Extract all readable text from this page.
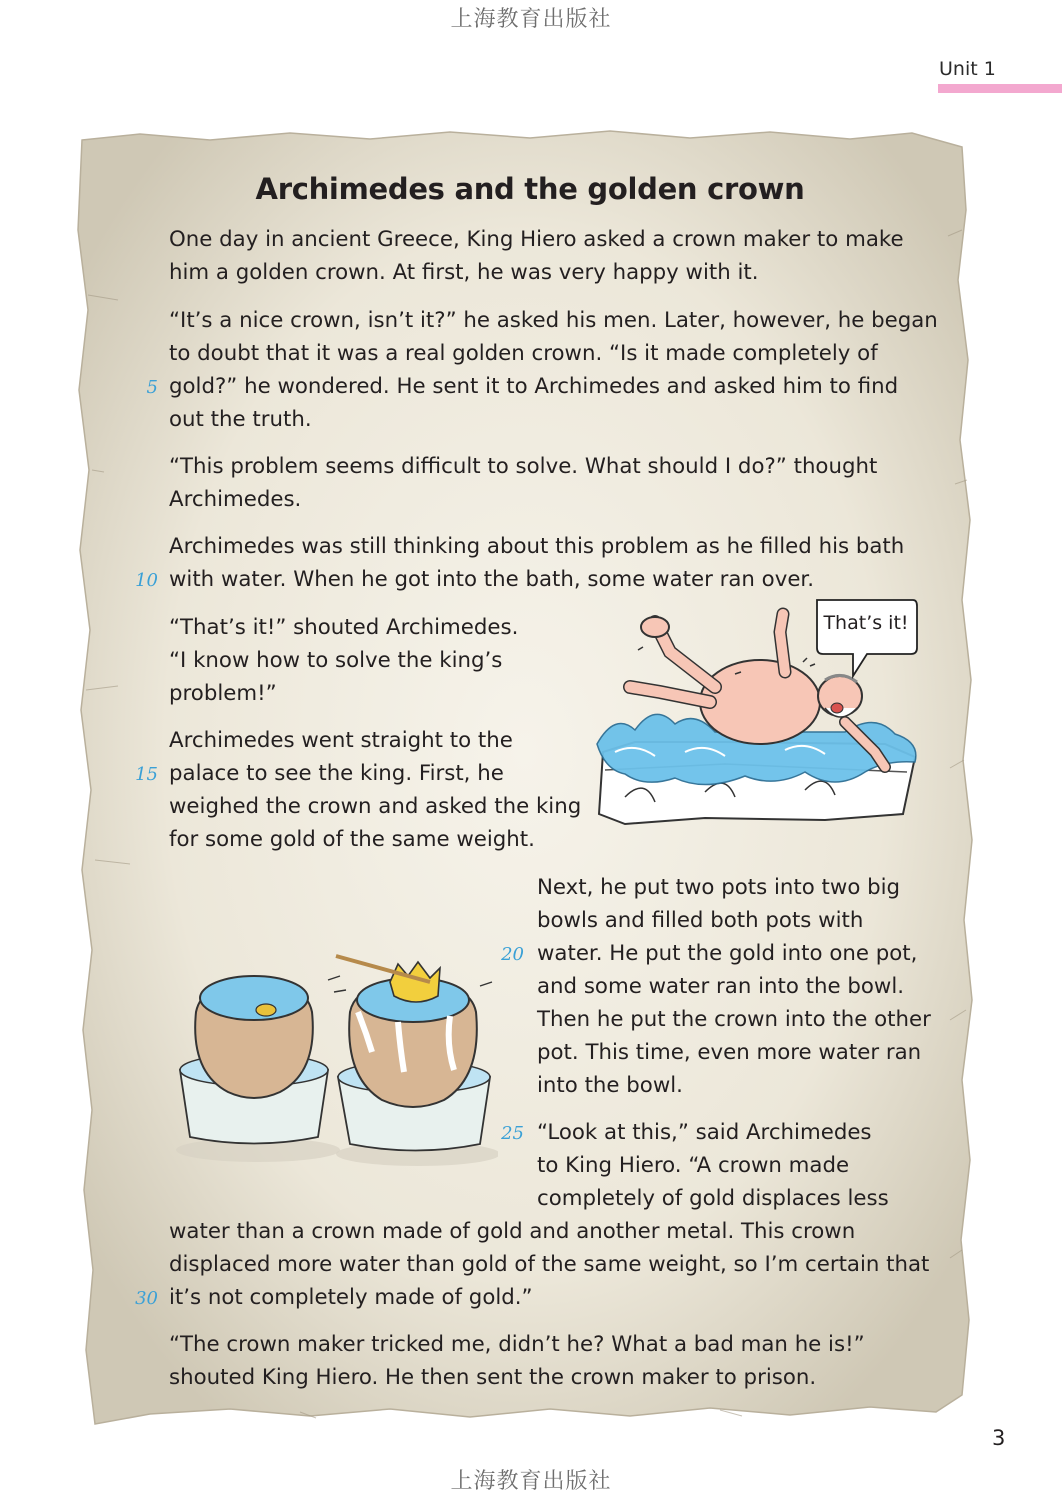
上海教育出版社
Unit 1
Archimedes and the golden crown
One day in ancient Greece, King Hiero asked a crown maker to make
him a golden crown. At first, he was very happy with it.
“It’s a nice crown, isn’t it?” he asked his men. Later, however, he began
to doubt that it was a real golden crown. “Is it made completely of
gold?” he wondered. He sent it to Archimedes and asked him to find
out the truth.
“This problem seems difficult to solve. What should I do?” thought
Archimedes.
Archimedes was still thinking about this problem as he filled his bath
with water. When he got into the bath, some water ran over.
“That’s it!” shouted Archimedes.
“I know how to solve the king’s
problem!”
Archimedes went straight to the
palace to see the king. First, he
weighed the crown and asked the king
for some gold of the same weight.
Next, he put two pots into two big
bowls and filled both pots with
water. He put the gold into one pot,
and some water ran into the bowl.
Then he put the crown into the other
pot. This time, even more water ran
into the bowl.
“Look at this,” said Archimedes
to King Hiero. “A crown made
completely of gold displaces less
water than a crown made of gold and another metal. This crown
displaced more water than gold of the same weight, so I’m certain that
it’s not completely made of gold.”
“The crown maker tricked me, didn’t he? What a bad man he is!”
shouted King Hiero. He then sent the crown maker to prison.
5
10
15
20
25
30
That’s it!
3
上海教育出版社
